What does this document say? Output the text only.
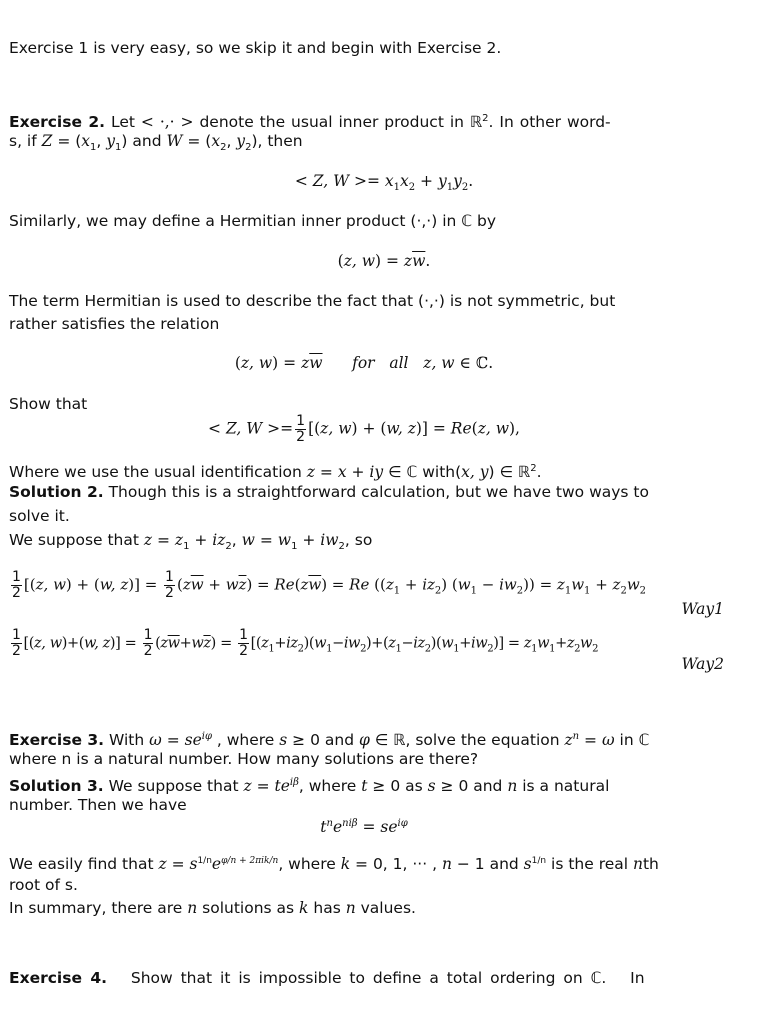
Exercise 1 is very easy, so we skip it and begin with Exercise 2.
Exercise 2. Let < ·,· > denote the usual inner product in ℝ$^2$. In other word-
s, if $Z = (x_1$, $y_1$) and $W = (x_2$, $y_2$), then
< Z, $W >= x_1x_2 + y_1y_2$.
Similarly, we may define a Hermitian inner product (·,·) in ℂ by
(z, $w) = z\overline{w}$.
The term Hermitian is used to describe the fact that (·,·) is not symmetric, but
rather satisfies the relation
(z, $w) = z\overline{w}$ for all z, w ∈ ℂ.
Show that
< Z, $W >= \frac{1}{2} [(z$, w) + (w, z)] = Re(z, w),
Where we use the usual identification z = x + iy ∈ ℂ with(x, y) ∈ ℝ$^2$.
Solution 2. Though this is a straightforward calculation, but we have two ways to
solve it.
We suppose that $z = z_1 + iz_2$, $w = w_1 + iw_2$, so
$\frac{1}{2} [(z$, w) + (w, $z)] = \frac{1}{2} (z\overline{w} + w\overline{z}) = Re(z\overline{w}) = Re$ $((z_1 + iz_2) (w_1 - iw_2)) = z_1w_1 + z_2w_2$
Way1
$\frac{1}{2} [(z$, w)+(w, $z)] = \frac{1}{2} (z\overline{w}+w\overline{z}) = \frac{1}{2} [(z_1+iz_2)(w_1-iw_2)+(z_1-iz_2)(w_1+iw_2)] = z_1w_1+z_2w_2$
Way2
Exercise 3. With $\omega = se^{i\varphi}$ , where s ≥ 0 and φ ∈ ℝ, solve the equation $z^n = \omega$ in ℂ
where n is a natural number. How many solutions are there?
Solution 3. We suppose that $z = te^{i\beta}$, where t ≥ 0 as s ≥ 0 and n is a natural
number. Then we have
$t^ne^{ni\beta} = se^{i\varphi}$
We easily find that $z = s^{1/n}e^{\varphi/n + 2\pi ik/n}$, where k = 0, 1, ··· , n − 1 and $s^{1/n}$ is the real nth
root of s.
In summary, there are n solutions as k has n values.
Exercise 4.   Show that it is impossible to define a total ordering on ℂ.   In
